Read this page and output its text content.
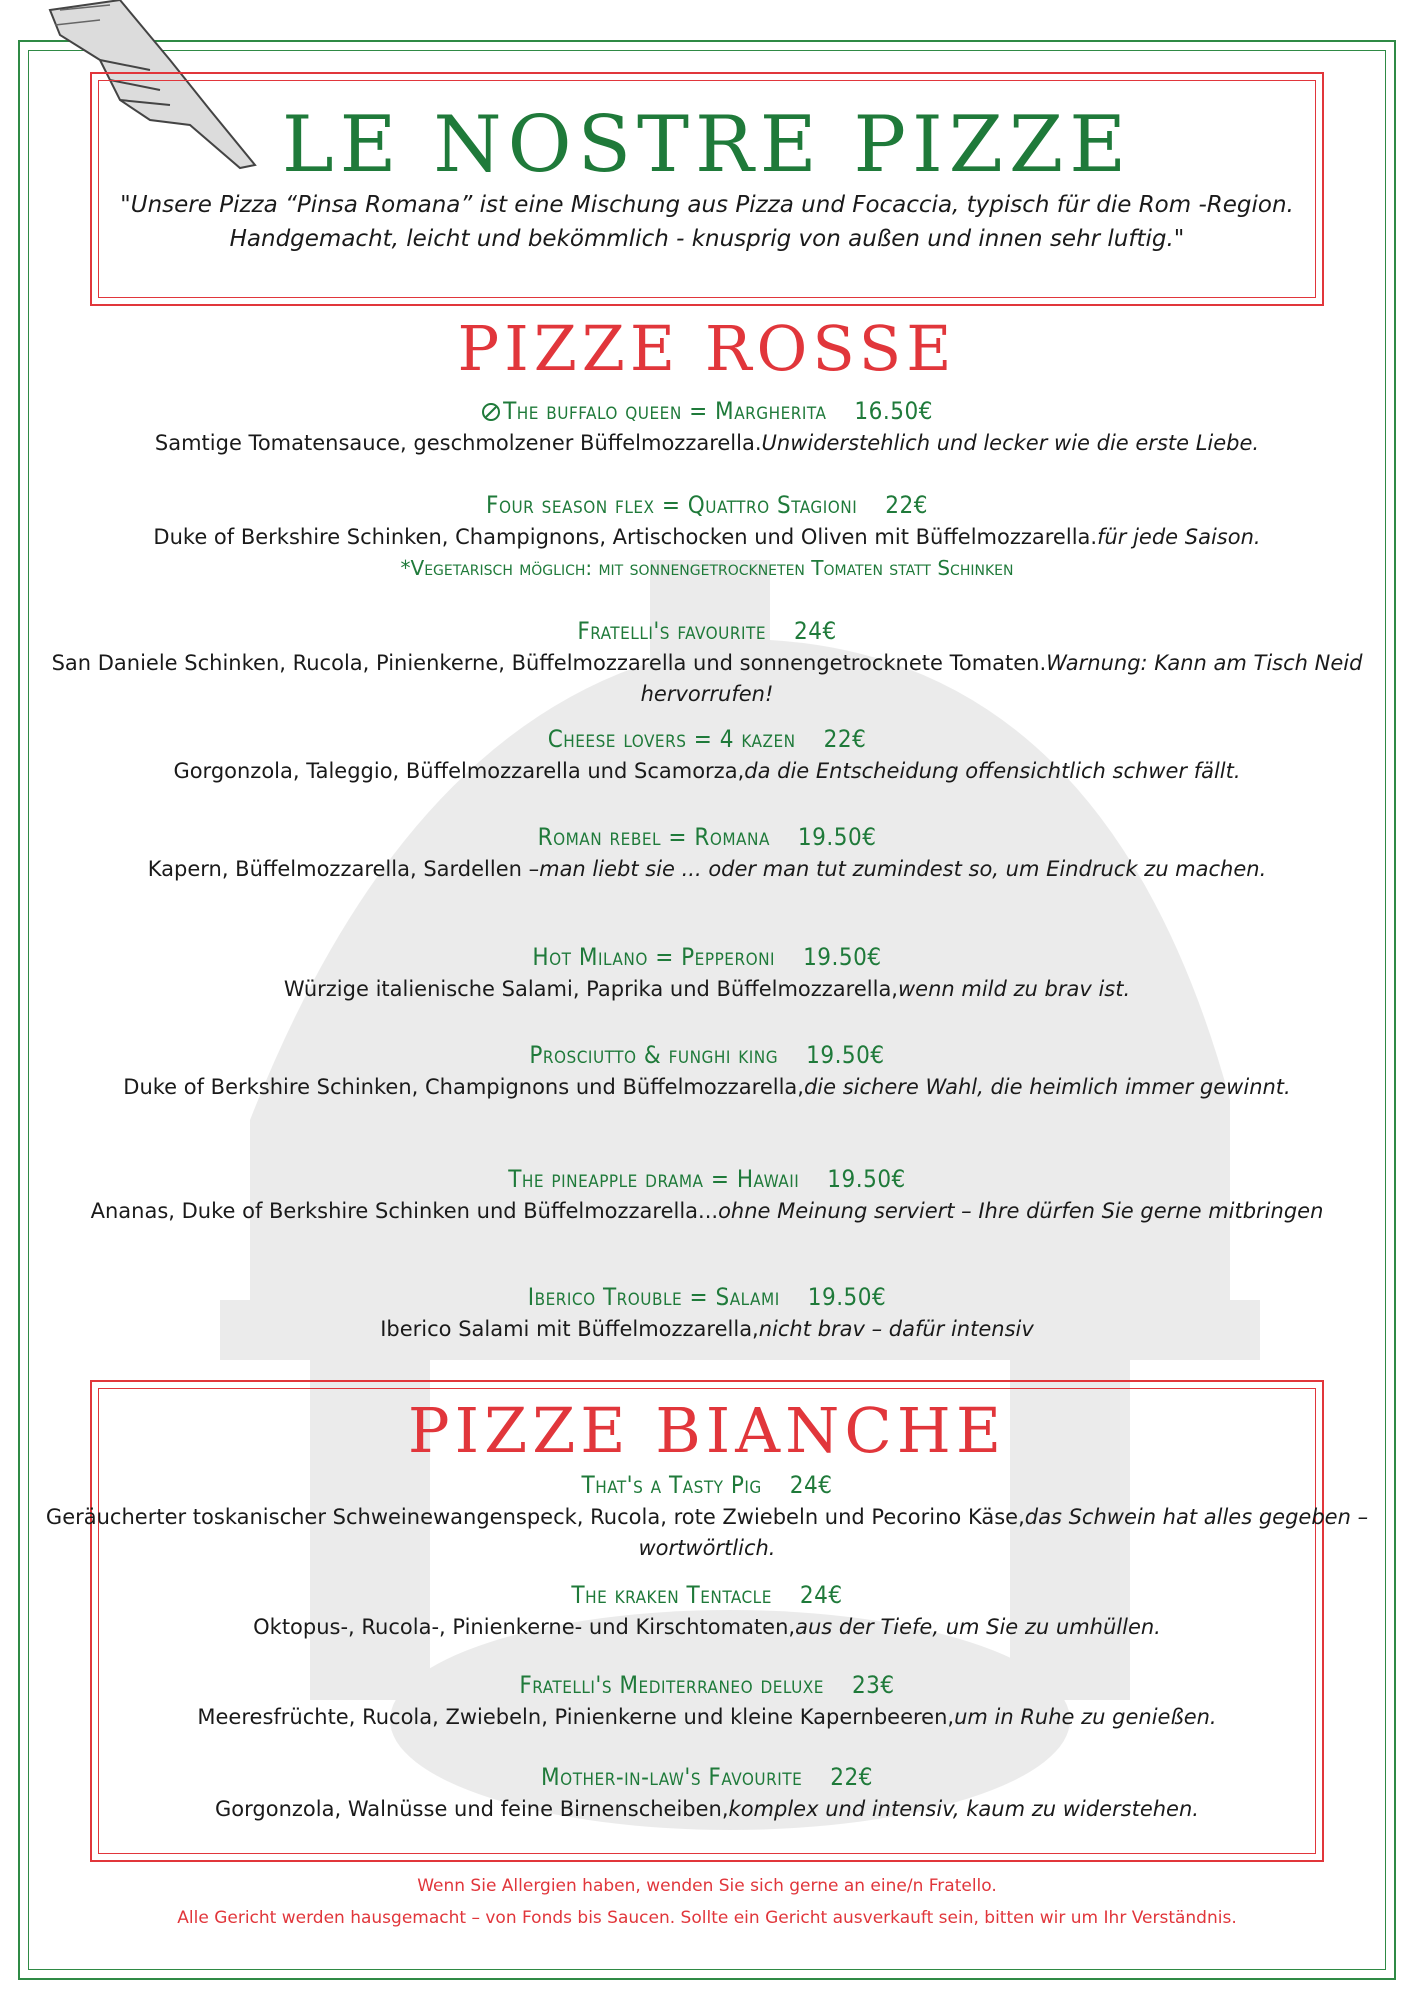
LE NOSTRE PIZZE
"Unsere Pizza “Pinsa Romana” ist eine Mischung aus Pizza und Focaccia, typisch für die Rom -Region. Handgemacht, leicht und bekömmlich - knusprig von außen und innen sehr luftig."
PIZZE ROSSE
The buffalo queen = Margherita 16.50€
Samtige Tomatensauce, geschmolzener Büffelmozzarella.Unwiderstehlich und lecker wie die erste Liebe.
Four season flex = Quattro Stagioni 22€
Duke of Berkshire Schinken, Champignons, Artischocken und Oliven mit Büffelmozzarella.für jede Saison.
*Vegetarisch möglich: mit sonnengetrockneten Tomaten statt Schinken
Fratelli's favourite 24€
San Daniele Schinken, Rucola, Pinienkerne, Büffelmozzarella und sonnengetrocknete Tomaten.Warnung: Kann am Tisch Neid hervorrufen!
Cheese lovers = 4 kazen 22€
Gorgonzola, Taleggio, Büffelmozzarella und Scamorza,da die Entscheidung offensichtlich schwer fällt.
Roman rebel = Romana 19.50€
Kapern, Büffelmozzarella, Sardellen –man liebt sie ... oder man tut zumindest so, um Eindruck zu machen.
Hot Milano = Pepperoni 19.50€
Würzige italienische Salami, Paprika und Büffelmozzarella,wenn mild zu brav ist.
Prosciutto & funghi king 19.50€
Duke of Berkshire Schinken, Champignons und Büffelmozzarella,die sichere Wahl, die heimlich immer gewinnt.
The pineapple drama = Hawaii 19.50€
Ananas, Duke of Berkshire Schinken und Büffelmozzarella...ohne Meinung serviert – Ihre dürfen Sie gerne mitbringen
Iberico Trouble = Salami 19.50€
Iberico Salami mit Büffelmozzarella,nicht brav – dafür intensiv
PIZZE BIANCHE
That's a Tasty Pig 24€
Geräucherter toskanischer Schweinewangenspeck, Rucola, rote Zwiebeln und Pecorino Käse,das Schwein hat alles gegeben – wortwörtlich.
The kraken Tentacle 24€
Oktopus-, Rucola-, Pinienkerne- und Kirschtomaten,aus der Tiefe, um Sie zu umhüllen.
Fratelli's Mediterraneo deluxe 23€
Meeresfrüchte, Rucola, Zwiebeln, Pinienkerne und kleine Kapernbeeren,um in Ruhe zu genießen.
Mother-in-law's Favourite 22€
Gorgonzola, Walnüsse und feine Birnenscheiben,komplex und intensiv, kaum zu widerstehen.
Wenn Sie Allergien haben, wenden Sie sich gerne an eine/n Fratello.
Alle Gericht werden hausgemacht – von Fonds bis Saucen. Sollte ein Gericht ausverkauft sein, bitten wir um Ihr Verständnis.
